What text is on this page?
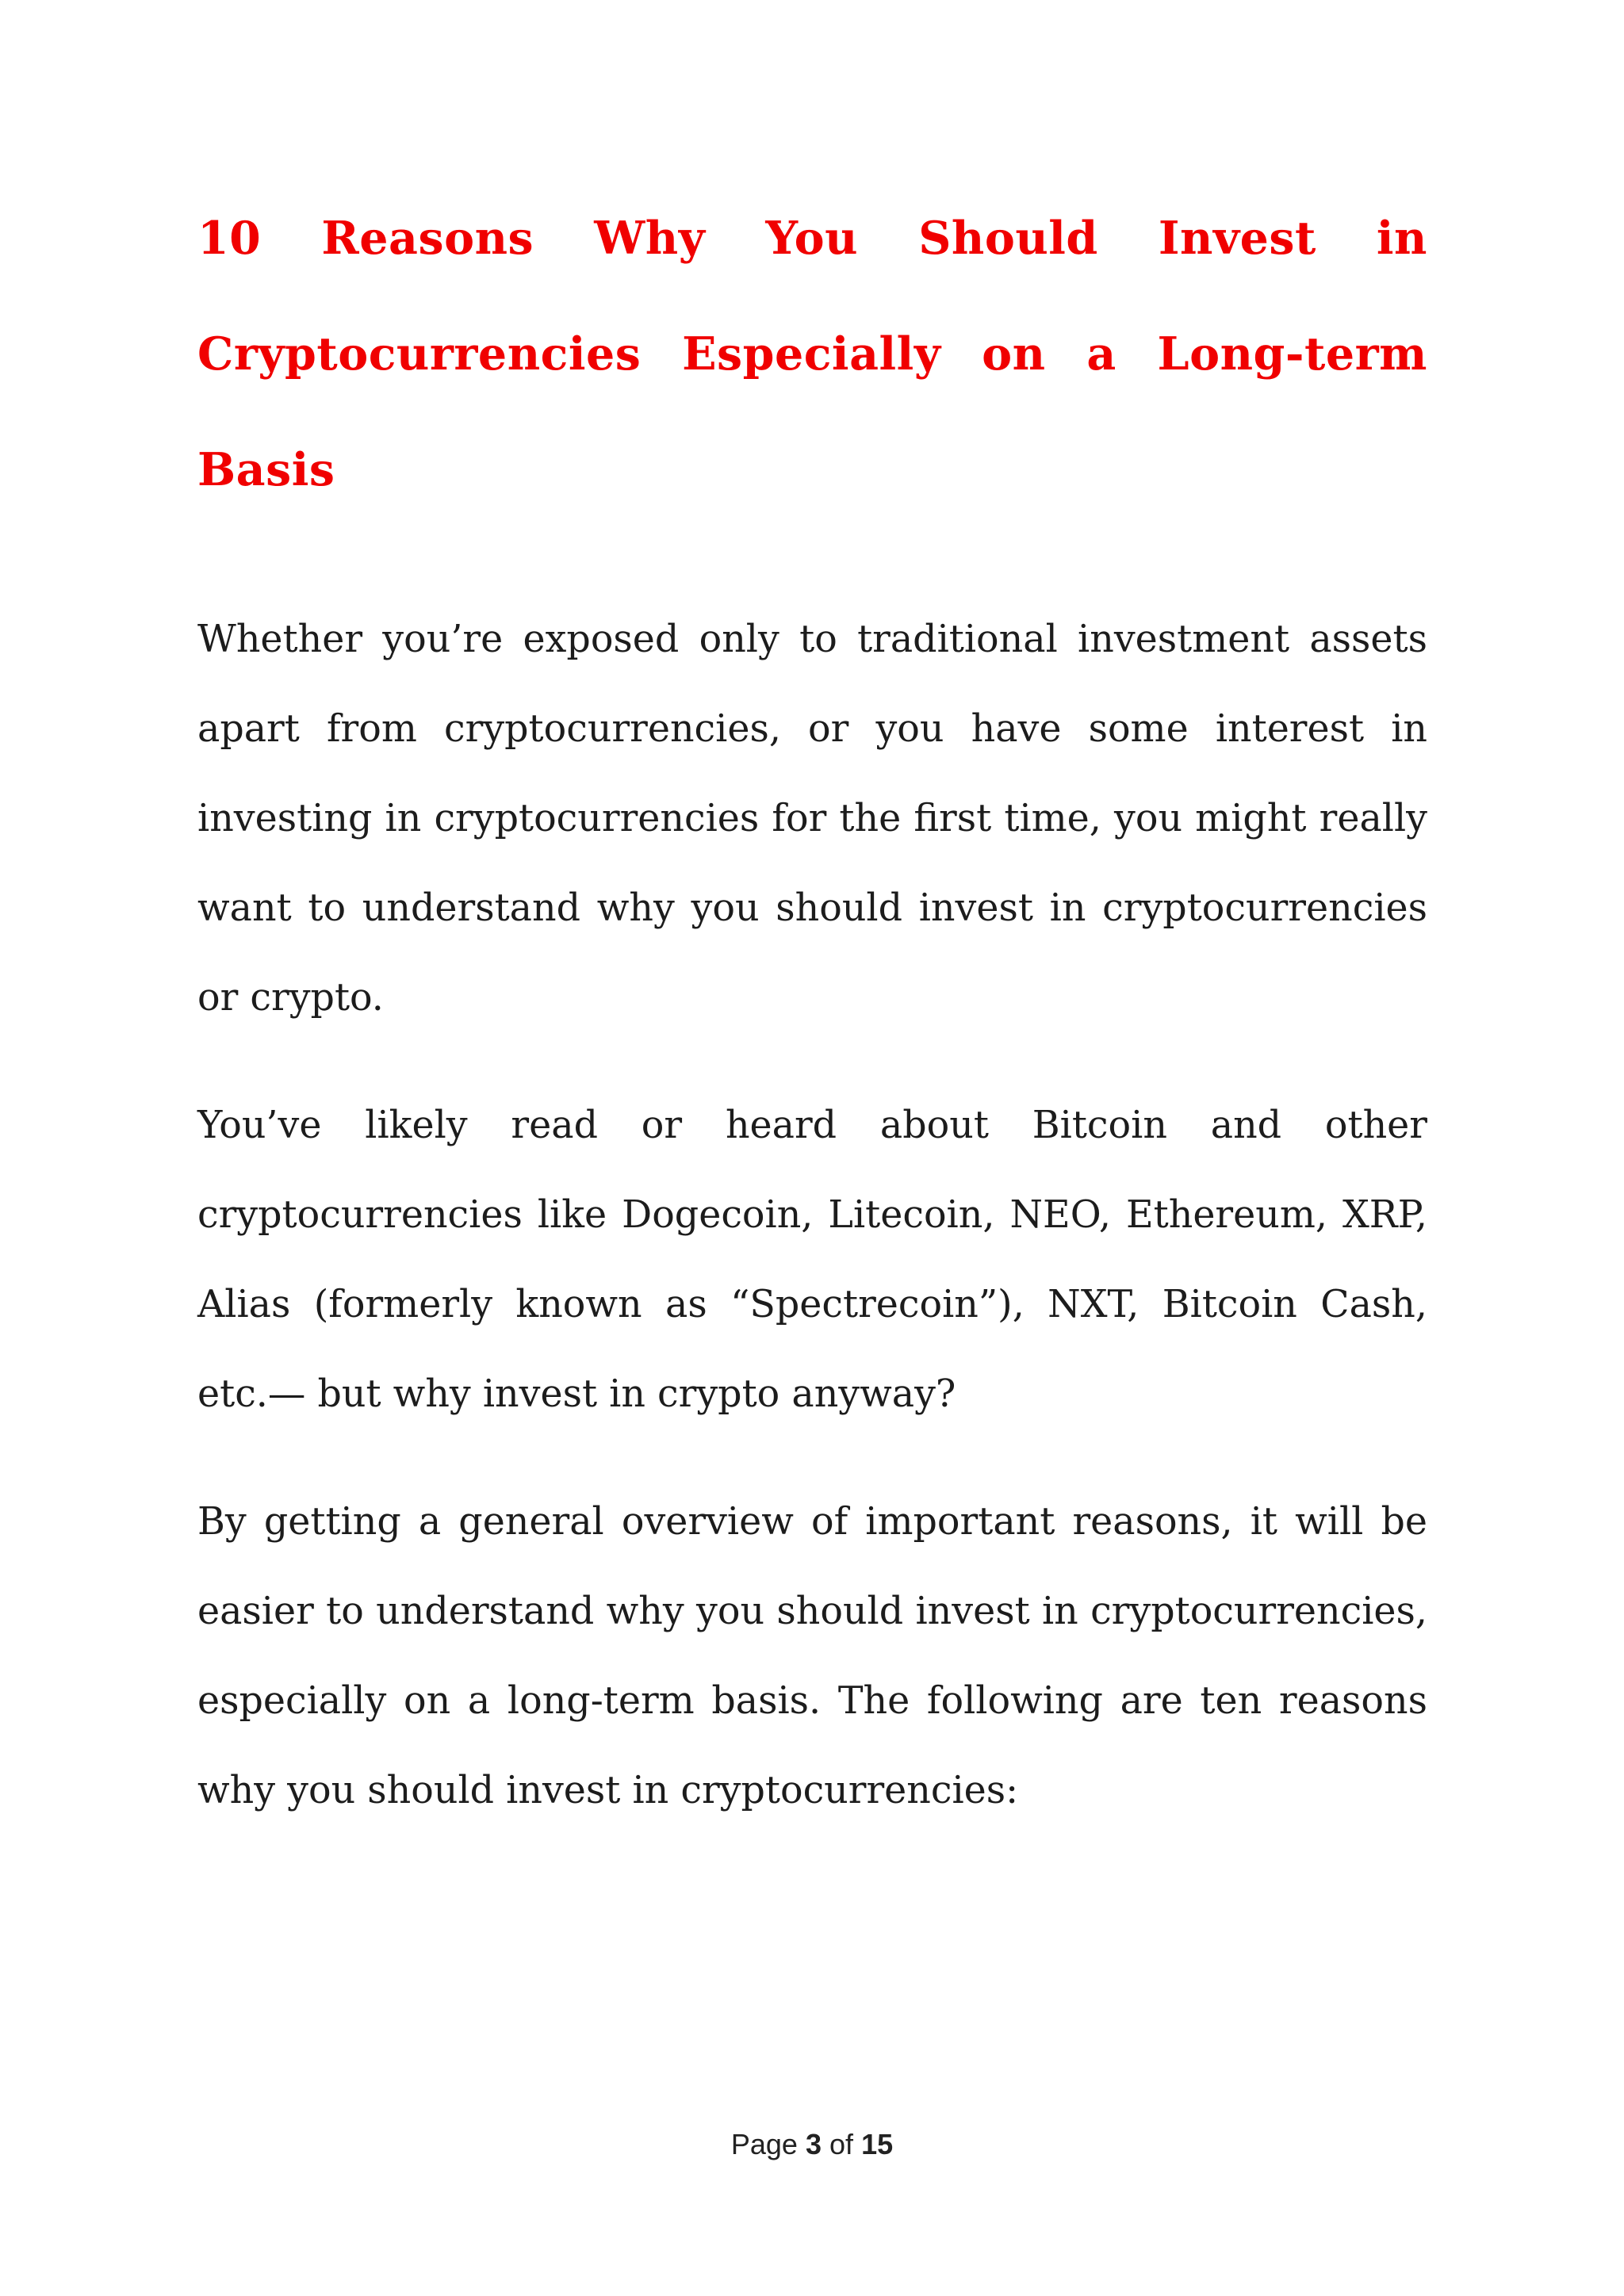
10 Reasons Why You Should Invest in Cryptocurrencies Especially on a Long-term Basis

Whether you’re exposed only to traditional investment assets apart from cryptocurrencies, or you have some interest in investing in cryptocurrencies for the first time, you might really want to understand why you should invest in cryptocurrencies or crypto.

You’ve likely read or heard about Bitcoin and other cryptocurrencies like Dogecoin, Litecoin, NEO, Ethereum, XRP, Alias (formerly known as “Spectrecoin”), NXT, Bitcoin Cash, etc.— but why invest in crypto anyway?

By getting a general overview of important reasons, it will be easier to understand why you should invest in cryptocurrencies, especially on a long-term basis. The following are ten reasons why you should invest in cryptocurrencies:

Page 3 of 15
